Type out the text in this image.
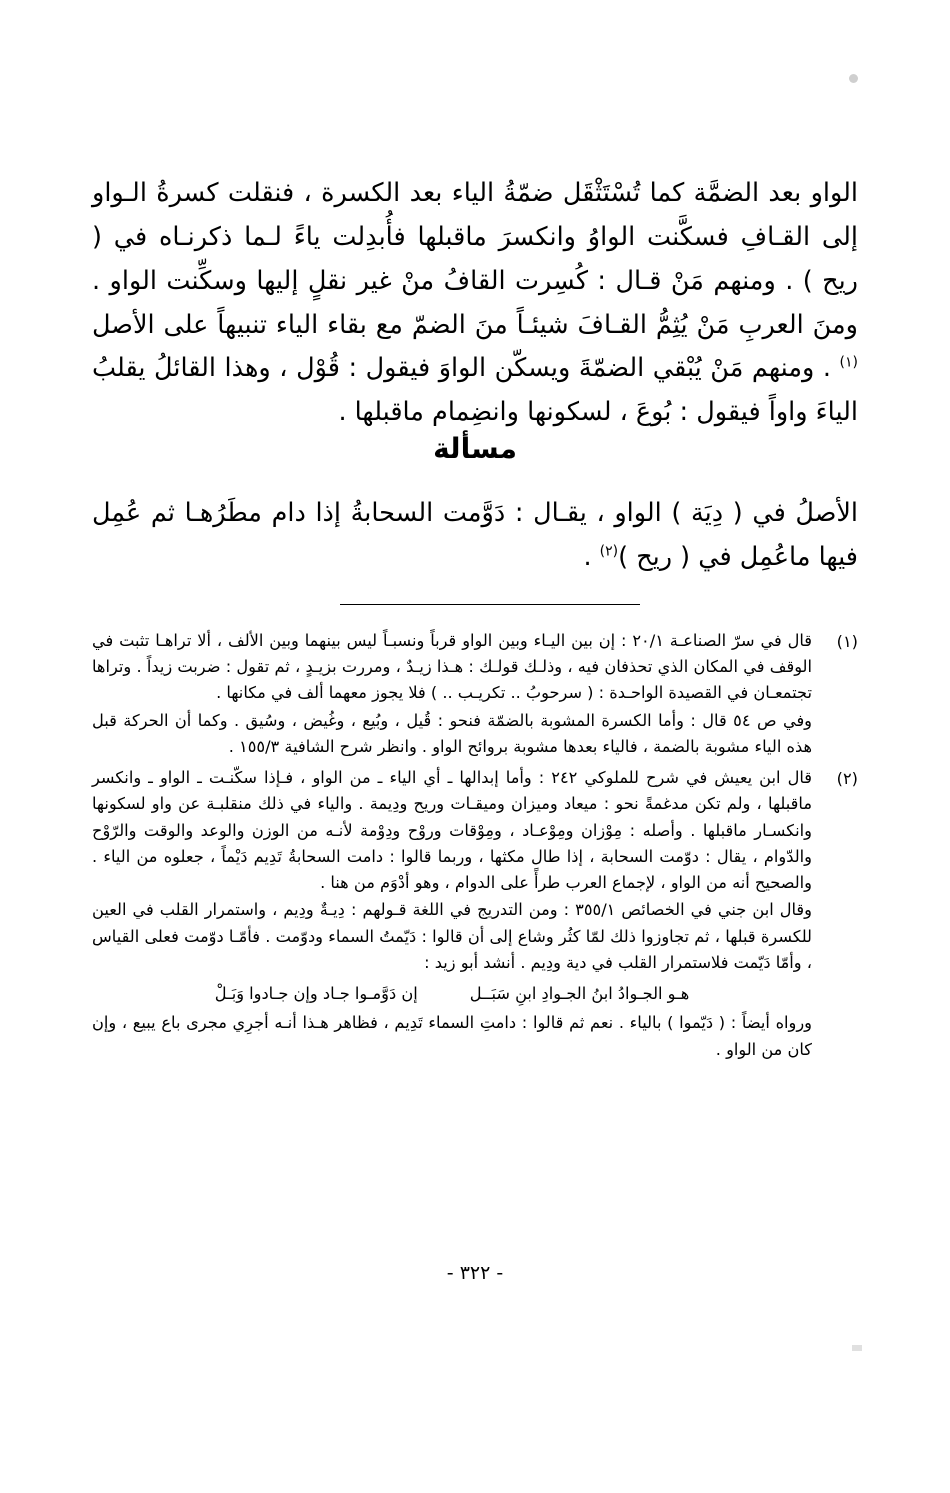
الواو بعد الضمَّة كما تُسْتَثْقَل ضمّةُ الياء بعد الكسرة ، فنقلت كسرةُ الـواو إلى القـافِ فسكَّنت الواوُ وانكسرَ ماقبلها فأُبدِلت ياءً لـما ذكرنـاه في ( ريح ) . ومنهم مَنْ قـال : كُسِرت القافُ منْ غير نقلٍ إليها وسكِّنت الواو . ومنَ العربِ مَنْ يُثِمُّ القـافَ شيئـاً منَ الضمّ مع بقاء الياء تنبيهاً على الأصل $^{(١)}$ . ومنهم مَنْ يُبْقي الضمّةَ ويسكّن الواوَ فيقول : قُوْل ، وهذا القائلُ يقلبُ الياءَ واواً فيقول : بُوعَ ، لسكونها وانضِمام ماقبلها .

مسألة

الأصلُ في ( دِيَة ) الواو ، يقـال : دَوَّمت السحابةُ إذا دام مطَرُهـا ثم عُمِل فيها ماعُمِل في ( ريح )$^{(٢)}$ .

(١)

قال في سرّ الصناعـة ٢٠/١ : إن بين اليـاء وبين الواو قرباً ونسبـاً ليس بينهما وبين الألف ، ألا تراهـا تثبت في الوقف في المكان الذي تحذفان فيه ، وذلـك قولـك : هـذا زيـدٌ ، ومررت بزيـدٍ ، ثم تقول : ضربت زيداً . وتراها تجتمعـان في القصيدة الواحـدة : ( سرحوبُ .. تكريـب .. ) فلا يجوز معهما ألف في مكانها .

وفي ص ٥٤ قال : وأما الكسرة المشوبة بالضمّة فنحو : قُيل ، وبُيع ، وغُيض ، وسُيق . وكما أن الحركة قبل هذه الياء مشوبة بالضمة ، فالياء بعدها مشوبة بروائح الواو . وانظر شرح الشافية ١٥٥/٣ .

(٢)

قال ابن يعيش في شرح للملوكي ٢٤٢ : وأما إبدالها ـ أي الياء ـ من الواو ، فـإذا سكّنـت ـ الواو ـ وانكسر ماقبلها ، ولم تكن مدغمةً نحو : ميعاد وميزان وميقـات وريح ودِيمة . والياء في ذلك منقلبـة عن واو لسكونها وانكسـار ماقبلها . وأصله : مِوْزان ومِوْعـاد ، ومِوْقات وروْح ودِوْمة لأنـه من الوزن والوعد والوقت والرّوْح والدّوام ، يقال : دوّمت السحابة ، إذا طال مكثها ، وربما قالوا : دامت السحابةُ تَدِيم دَيْماً ، جعلوه من الياء . والصحيح أنه من الواو ، لإجماع العرب طرأً على الدوام ، وهو أدْوَم من هنا .

وقال ابن جني في الخصائص ٣٥٥/١ : ومن التدريج في اللغة قـولهم : دِيـةٌ ودِيم ، واستمرار القلب في العين للكسرة قبلها ، ثم تجاوزوا ذلك لمّا كثُر وشاع إلى أن قالوا : دَيّمتُ السماء ودوّمت . فأمّـا دوّمت فعلى القياس ، وأمّا دَيّمت فلاستمرار القلب في دية ودِيم . أنشد أبو زيد :

هـو الجـوادُ ابنُ الجـوادِ ابنِ سَبَــل
إن دَوَّمـوا جـاد وإن جـادوا وَبَـلْ

ورواه أيضاً : ( دَيّموا ) بالياء . نعم ثم قالوا : دامتِ السماء تَدِيم ، فظاهر هـذا أنـه أجرِي مجرى باع يبيع ، وإن كان من الواو .

- ٣٢٢ -
